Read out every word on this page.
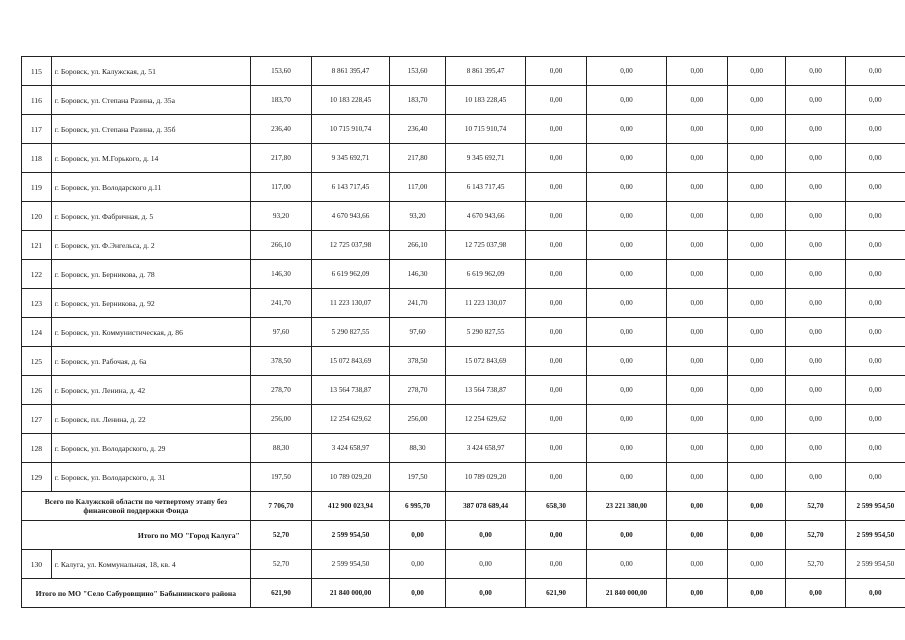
115	г. Боровск, ул. Калужская, д. 51	153,60	8 861 395,47	153,60	8 861 395,47	0,00	0,00	0,00	0,00	0,00	0,00
116	г. Боровск, ул. Степана Разина, д. 35а	183,70	10 183 228,45	183,70	10 183 228,45	0,00	0,00	0,00	0,00	0,00	0,00
117	г. Боровск, ул. Степана Разина, д. 35б	236,40	10 715 910,74	236,40	10 715 910,74	0,00	0,00	0,00	0,00	0,00	0,00
118	г. Боровск, ул. М.Горького, д. 14	217,80	9 345 692,71	217,80	9 345 692,71	0,00	0,00	0,00	0,00	0,00	0,00
119	г. Боровск, ул. Володарского д.11	117,00	6 143 717,45	117,00	6 143 717,45	0,00	0,00	0,00	0,00	0,00	0,00
120	г. Боровск, ул. Фабричная, д. 5	93,20	4 670 943,66	93,20	4 670 943,66	0,00	0,00	0,00	0,00	0,00	0,00
121	г. Боровск, ул. Ф.Энгельса, д. 2	266,10	12 725 037,98	266,10	12 725 037,98	0,00	0,00	0,00	0,00	0,00	0,00
122	г. Боровск, ул. Берникова, д. 78	146,30	6 619 962,09	146,30	6 619 962,09	0,00	0,00	0,00	0,00	0,00	0,00
123	г. Боровск, ул. Берникова, д. 92	241,70	11 223 130,07	241,70	11 223 130,07	0,00	0,00	0,00	0,00	0,00	0,00
124	г. Боровск, ул. Коммунистическая, д. 86	97,60	5 290 827,55	97,60	5 290 827,55	0,00	0,00	0,00	0,00	0,00	0,00
125	г. Боровск, ул. Рабочая, д. 6а	378,50	15 072 843,69	378,50	15 072 843,69	0,00	0,00	0,00	0,00	0,00	0,00
126	г. Боровск, ул. Ленина, д. 42	278,70	13 564 738,87	278,70	13 564 738,87	0,00	0,00	0,00	0,00	0,00	0,00
127	г. Боровск, пл. Ленина, д. 22	256,00	12 254 629,62	256,00	12 254 629,62	0,00	0,00	0,00	0,00	0,00	0,00
128	г. Боровск, ул. Володарского, д. 29	88,30	3 424 658,97	88,30	3 424 658,97	0,00	0,00	0,00	0,00	0,00	0,00
129	г. Боровск, ул. Володарского, д. 31	197,50	10 789 029,20	197,50	10 789 029,20	0,00	0,00	0,00	0,00	0,00	0,00
Всего по Калужской области по четвертому этапу без финансовой поддержки Фонда		7 706,70	412 900 023,94	6 995,70	387 078 689,44	658,30	23 221 380,00	0,00	0,00	52,70	2 599 954,50
Итого по МО "Город Калуга"		52,70	2 599 954,50	0,00	0,00	0,00	0,00	0,00	0,00	52,70	2 599 954,50
130	г. Калуга, ул. Коммунальная, 18, кв. 4	52,70	2 599 954,50	0,00	0,00	0,00	0,00	0,00	0,00	52,70	2 599 954,50
Итого по МО "Село Сабуровщино" Бабынинского района		621,90	21 840 000,00	0,00	0,00	621,90	21 840 000,00	0,00	0,00	0,00	0,00
